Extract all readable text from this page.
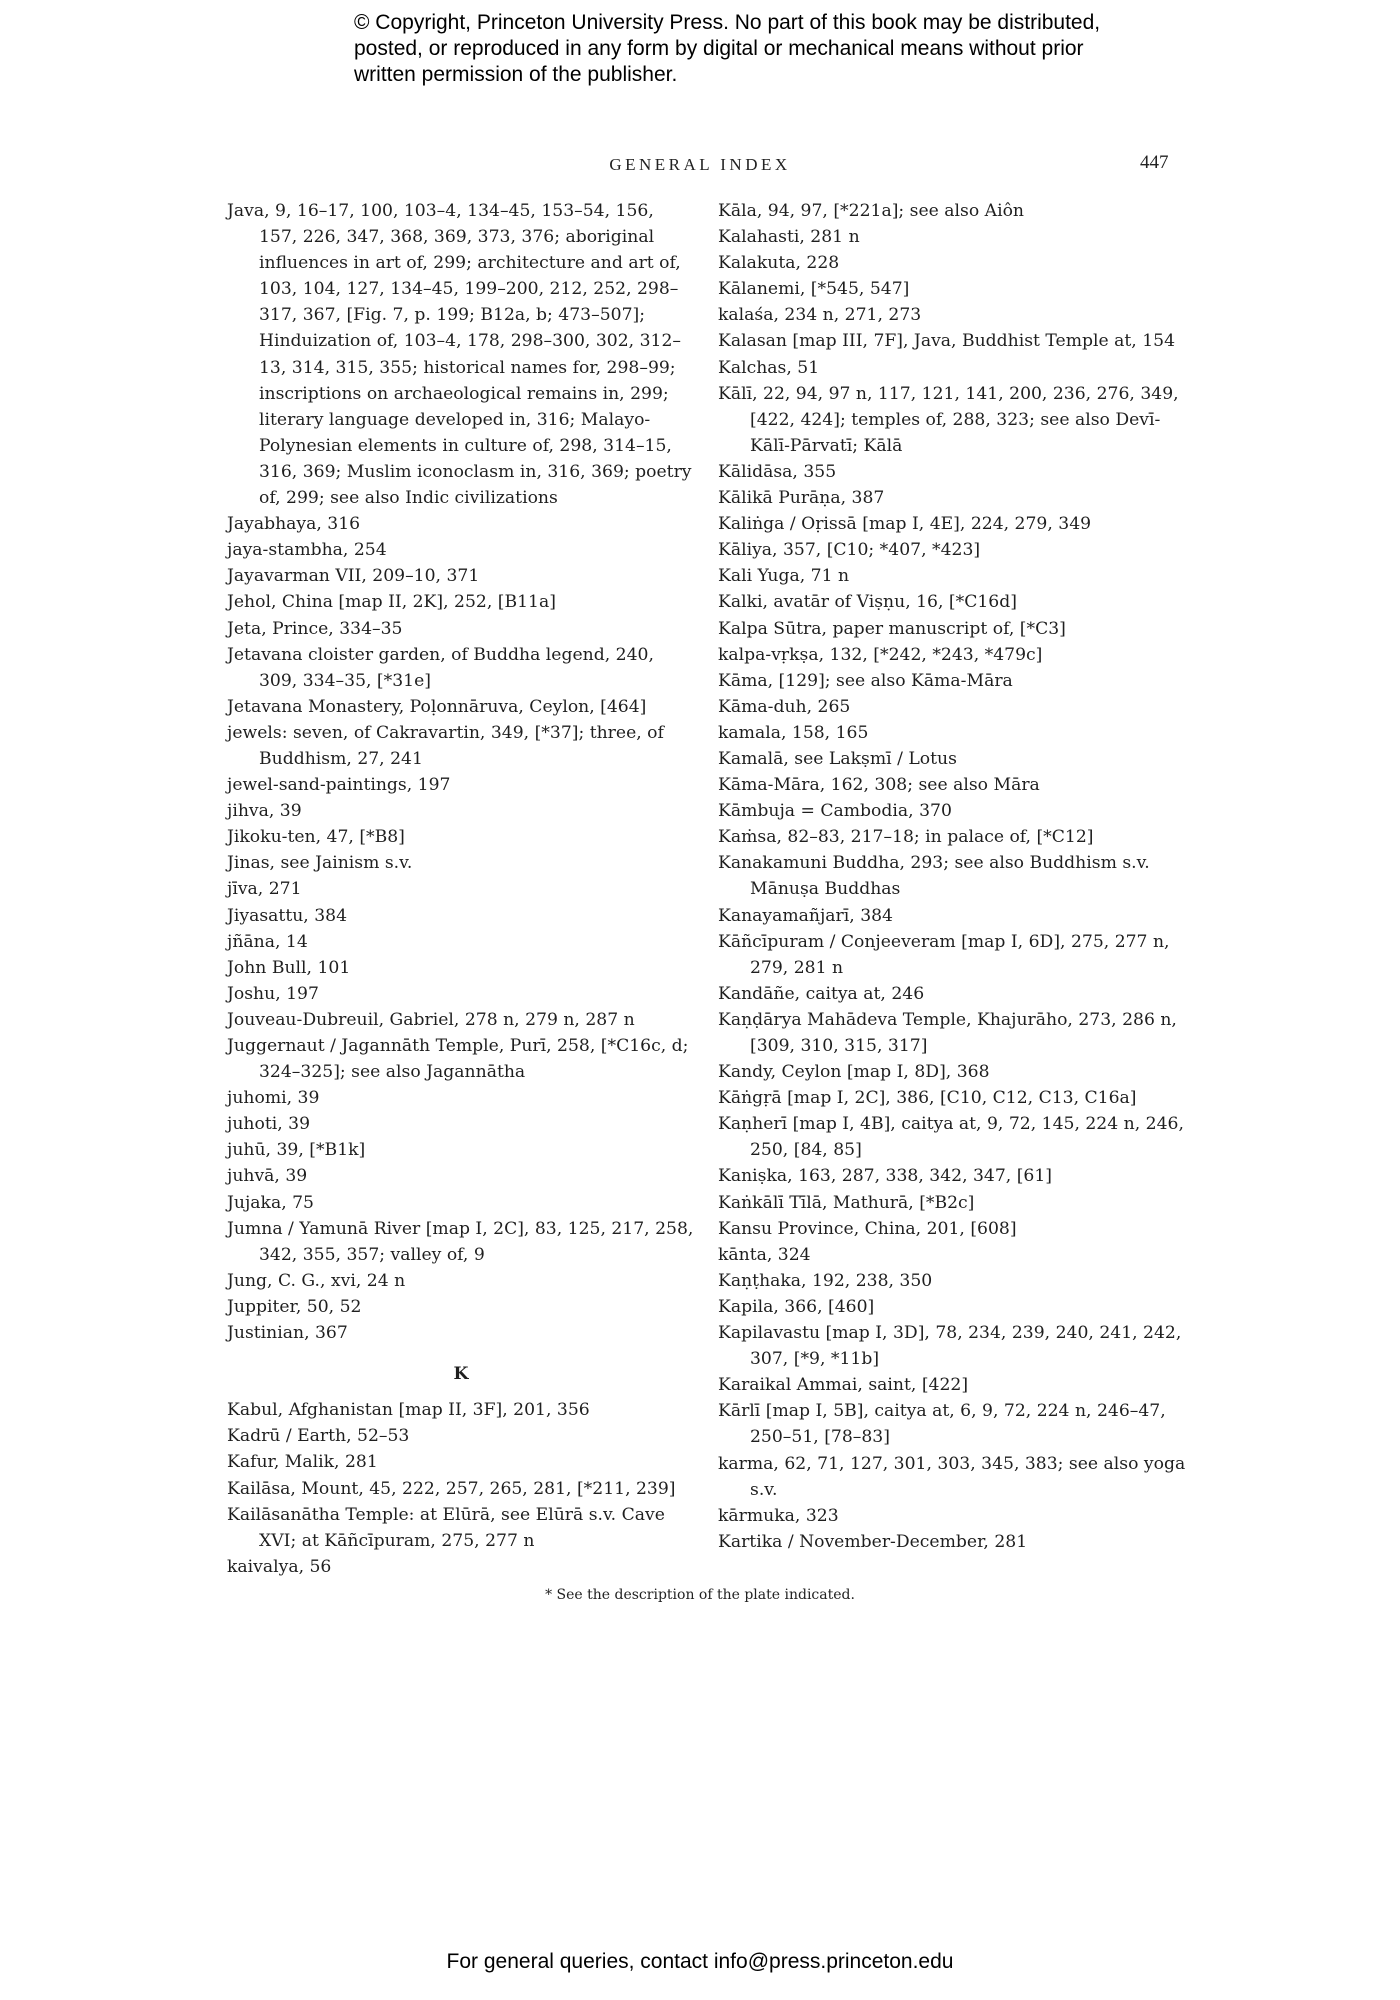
© Copyright, Princeton University Press. No part of this book may be distributed, posted, or reproduced in any form by digital or mechanical means without prior written permission of the publisher.
GENERAL INDEX	447

Java, 9, 16–17, 100, 103–4, 134–45, 153–54, 156, 157, 226, 347, 368, 369, 373, 376; aboriginal influences in art of, 299; architecture and art of, 103, 104, 127, 134–45, 199–200, 212, 252, 298–317, 367, [Fig. 7, p. 199; B12a, b; 473–507]; Hinduization of, 103–4, 178, 298–300, 302, 312–13, 314, 315, 355; historical names for, 298–99; inscriptions on archaeological remains in, 299; literary language developed in, 316; Malayo-Polynesian elements in culture of, 298, 314–15, 316, 369; Muslim iconoclasm in, 316, 369; poetry of, 299; see also Indic civilizations

Jayabhaya, 316

jaya-stambha, 254

Jayavarman VII, 209–10, 371

Jehol, China [map II, 2K], 252, [B11a]

Jeta, Prince, 334–35

Jetavana cloister garden, of Buddha legend, 240, 309, 334–35, [*31e]

Jetavana Monastery, Poḷonnāruva, Ceylon, [464]

jewels: seven, of Cakravartin, 349, [*37]; three, of Buddhism, 27, 241

jewel-sand-paintings, 197

jihva, 39

Jikoku-ten, 47, [*B8]

Jinas, see Jainism s.v.

jīva, 271

Jiyasattu, 384

jñāna, 14

John Bull, 101

Joshu, 197

Jouveau-Dubreuil, Gabriel, 278 n, 279 n, 287 n

Juggernaut / Jagannāth Temple, Purī, 258, [*C16c, d; 324–325]; see also Jagannātha

juhomi, 39

juhoti, 39

juhū, 39, [*B1k]

juhvā, 39

Jujaka, 75

Jumna / Yamunā River [map I, 2C], 83, 125, 217, 258, 342, 355, 357; valley of, 9

Jung, C. G., xvi, 24 n

Juppiter, 50, 52

Justinian, 367

K

Kabul, Afghanistan [map II, 3F], 201, 356

Kadrū / Earth, 52–53

Kafur, Malik, 281

Kailāsa, Mount, 45, 222, 257, 265, 281, [*211, 239]

Kailāsanātha Temple: at Elūrā, see Elūrā s.v. Cave XVI; at Kāñcīpuram, 275, 277 n

kaivalya, 56

Kāla, 94, 97, [*221a]; see also Aiôn

Kalahasti, 281 n

Kalakuta, 228

Kālanemi, [*545, 547]

kalaśa, 234 n, 271, 273

Kalasan [map III, 7F], Java, Buddhist Temple at, 154

Kalchas, 51

Kālī, 22, 94, 97 n, 117, 121, 141, 200, 236, 276, 349, [422, 424]; temples of, 288, 323; see also Devī-Kālī-Pārvatī; Kālā

Kālidāsa, 355

Kālikā Purāṇa, 387

Kaliṅga / Oṛissā [map I, 4E], 224, 279, 349

Kāliya, 357, [C10; *407, *423]

Kali Yuga, 71 n

Kalki, avatār of Viṣṇu, 16, [*C16d]

Kalpa Sūtra, paper manuscript of, [*C3]

kalpa-vṛkṣa, 132, [*242, *243, *479c]

Kāma, [129]; see also Kāma-Māra

Kāma-duh, 265

kamala, 158, 165

Kamalā, see Lakṣmī / Lotus

Kāma-Māra, 162, 308; see also Māra

Kāmbuja = Cambodia, 370

Kaṁsa, 82–83, 217–18; in palace of, [*C12]

Kanakamuni Buddha, 293; see also Buddhism s.v. Mānuṣa Buddhas

Kanayamañjarī, 384

Kāñcīpuram / Conjeeveram [map I, 6D], 275, 277 n, 279, 281 n

Kandāñe, caitya at, 246

Kaṇḍārya Mahādeva Temple, Khajurāho, 273, 286 n, [309, 310, 315, 317]

Kandy, Ceylon [map I, 8D], 368

Kāṅgṛā [map I, 2C], 386, [C10, C12, C13, C16a]

Kaṇherī [map I, 4B], caitya at, 9, 72, 145, 224 n, 246, 250, [84, 85]

Kaniṣka, 163, 287, 338, 342, 347, [61]

Kaṅkālī Tīlā, Mathurā, [*B2c]

Kansu Province, China, 201, [608]

kānta, 324

Kaṇṭhaka, 192, 238, 350

Kapila, 366, [460]

Kapilavastu [map I, 3D], 78, 234, 239, 240, 241, 242, 307, [*9, *11b]

Karaikal Ammai, saint, [422]

Kārlī [map I, 5B], caitya at, 6, 9, 72, 224 n, 246–47, 250–51, [78–83]

karma, 62, 71, 127, 301, 303, 345, 383; see also yoga s.v.

kārmuka, 323

Kartika / November-December, 281

* See the description of the plate indicated.
For general queries, contact info@press.princeton.edu
